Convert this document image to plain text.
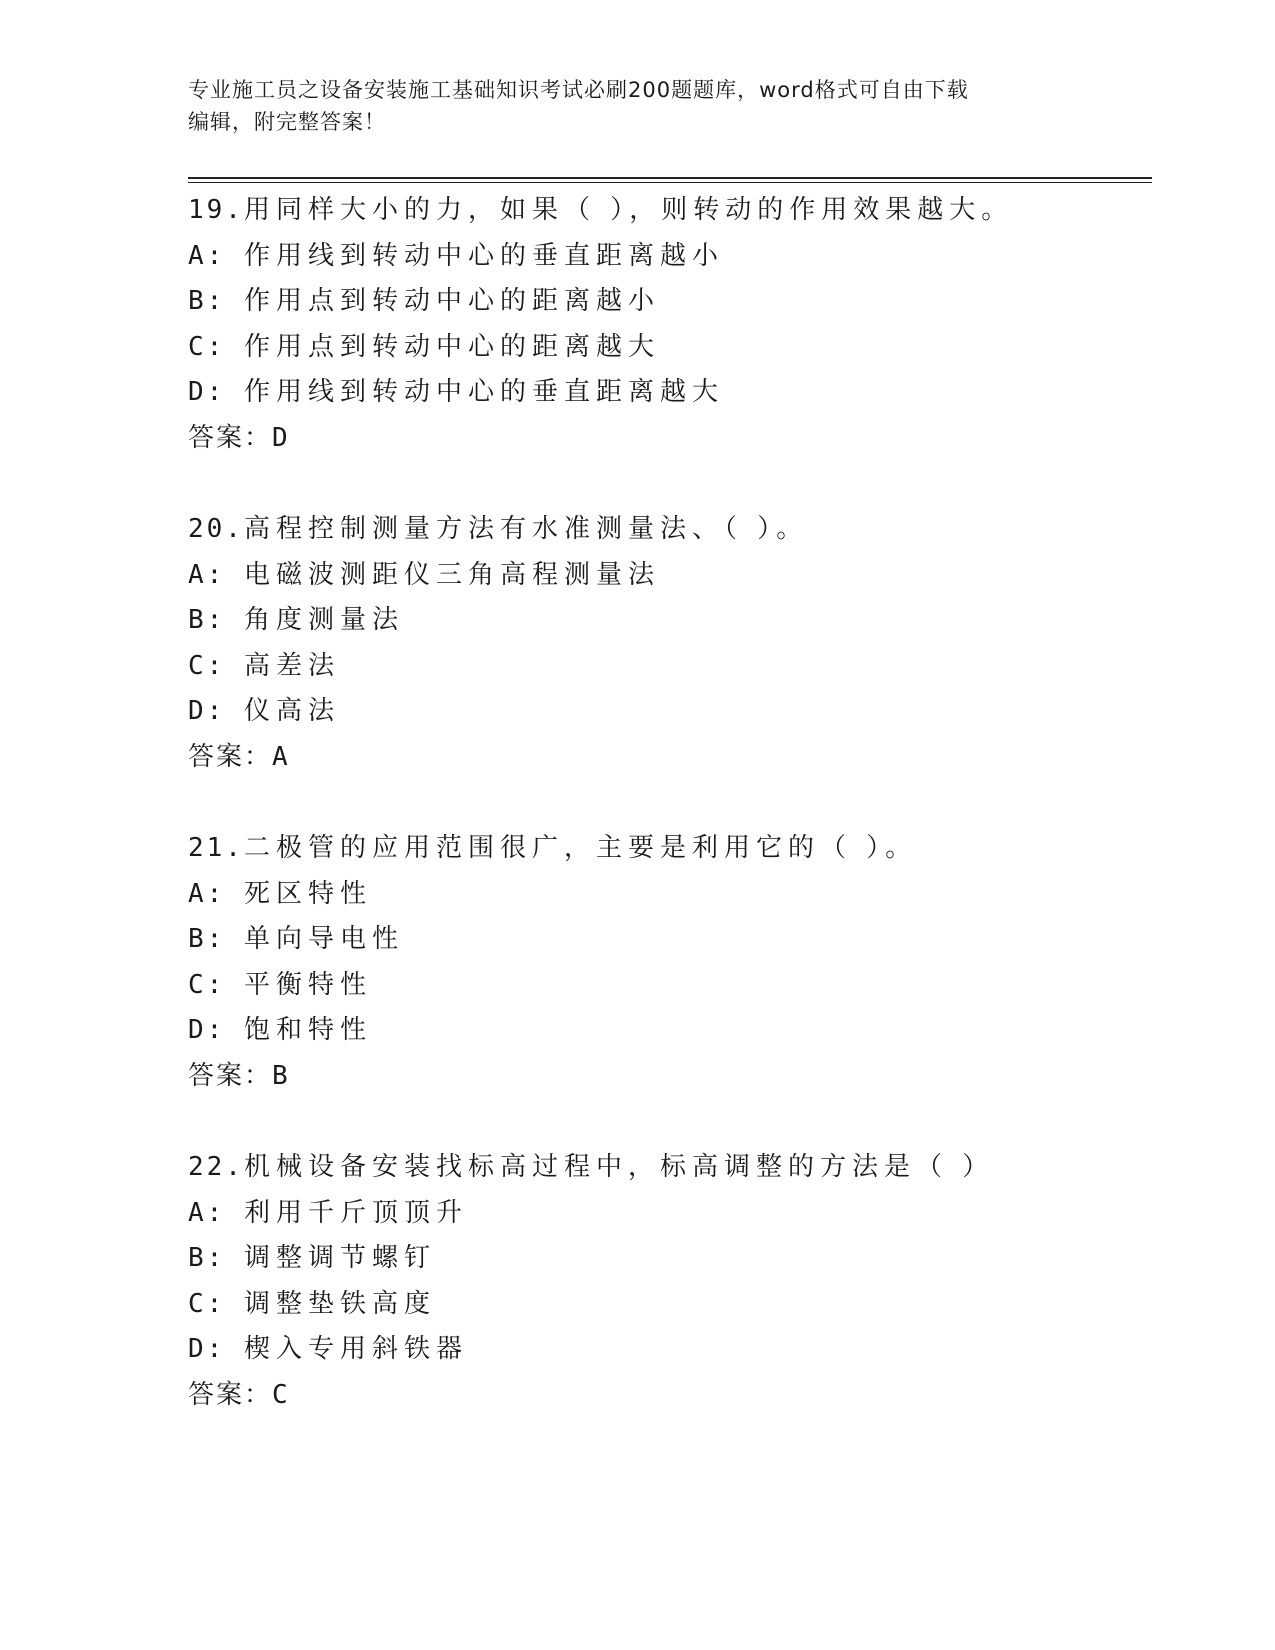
专业施工员之设备安装施工基础知识考试必刷200题题库，word格式可自由下载
编辑，附完整答案！
19.用同样大小的力，如果（ ），则转动的作用效果越大。
A: 作用线到转动中心的垂直距离越小
B: 作用点到转动中心的距离越小
C: 作用点到转动中心的距离越大
D: 作用线到转动中心的垂直距离越大
答案：D
20.高程控制测量方法有水准测量法、（ ）。
A: 电磁波测距仪三角高程测量法
B: 角度测量法
C: 高差法
D: 仪高法
答案：A
21.二极管的应用范围很广，主要是利用它的（ ）。
A: 死区特性
B: 单向导电性
C: 平衡特性
D: 饱和特性
答案：B
22.机械设备安装找标高过程中，标高调整的方法是（ ）
A: 利用千斤顶顶升
B: 调整调节螺钉
C: 调整垫铁高度
D: 楔入专用斜铁器
答案：C
